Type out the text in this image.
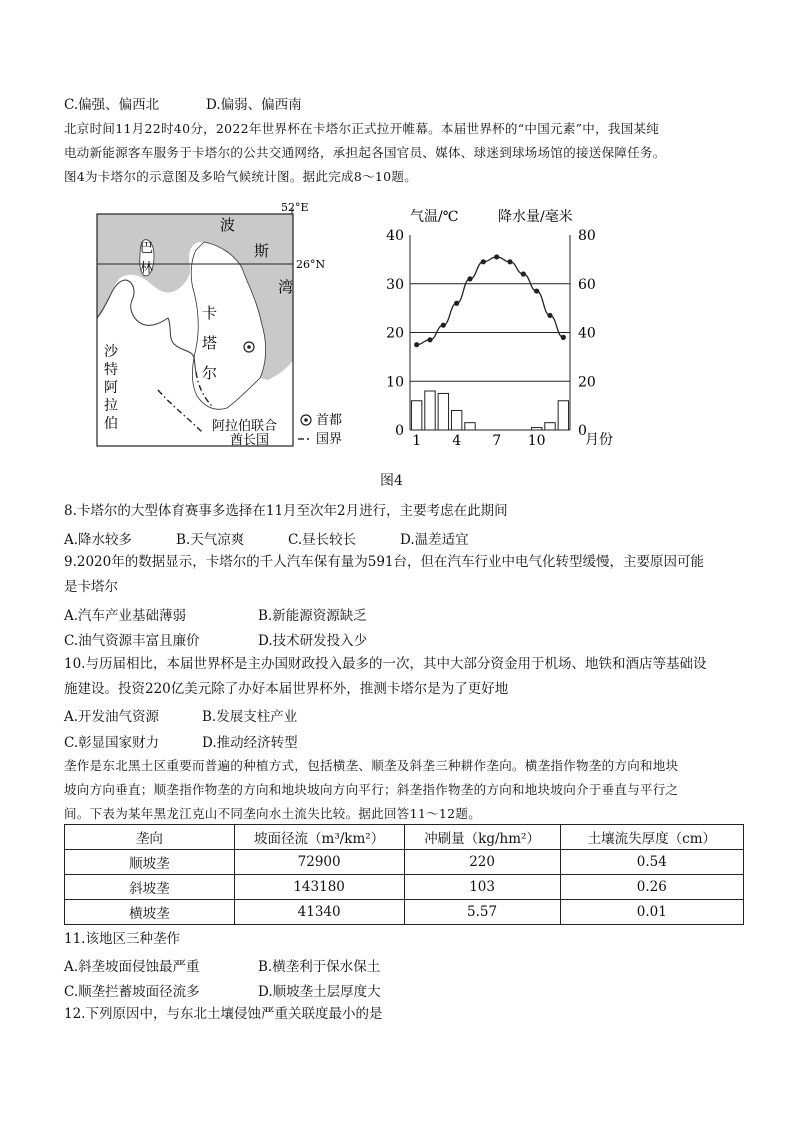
C.偏强、偏西北	D.偏弱、偏西南
北京时间11月22时40分，2022年世界杯在卡塔尔正式拉开帷幕。本届世界杯的“中国元素”中，我国某纯
电动新能源客车服务于卡塔尔的公共交通网络，承担起各国官员、媒体、球迷到球场场馆的接送保障任务。
图4为卡塔尔的示意图及多哈气候统计图。据此完成8～10题。
52°E
26°N
巴
林
波
斯
湾
沙
特
阿
拉
伯
卡
塔
尔
阿拉伯联合
酋长国
首都
国界
气温/℃	降水量/毫米
0
10
20
30
40
0
20
40
60
80
1 4 7 10	月份
图4
8.卡塔尔的大型体育赛事多选择在11月至次年2月进行，主要考虑在此期间
A.降水较多	B.天气凉爽	C.昼长较长	D.温差适宜
9.2020年的数据显示，卡塔尔的千人汽车保有量为591台，但在汽车行业中电气化转型缓慢，主要原因可能
是卡塔尔
A.汽车产业基础薄弱	B.新能源资源缺乏
C.油气资源丰富且廉价	D.技术研发投入少
10.与历届相比，本届世界杯是主办国财政投入最多的一次，其中大部分资金用于机场、地铁和酒店等基础设
施建设。投资220亿美元除了办好本届世界杯外，推测卡塔尔是为了更好地
A.开发油气资源	B.发展支柱产业
C.彰显国家财力	D.推动经济转型
垄作是东北黑土区重要而普遍的种植方式，包括横垄、顺垄及斜垄三种耕作垄向。横垄指作物垄的方向和地块
坡向方向垂直；顺垄指作物垄的方向和地块坡向方向平行；斜垄指作物垄的方向和地块坡向介于垂直与平行之
间。下表为某年黑龙江克山不同垄向水土流失比较。据此回答11～12题。
垄向	坡面径流（m³/km²）	冲刷量（kg/hm²）	土壤流失厚度（cm）
顺坡垄	72900	220	0.54
斜坡垄	143180	103	0.26
横坡垄	41340	5.57	0.01
11.该地区三种垄作
A.斜垄坡面侵蚀最严重	B.横垄利于保水保土
C.顺垄拦蓄坡面径流多	D.顺坡垄土层厚度大
12.下列原因中，与东北土壤侵蚀严重关联度最小的是
